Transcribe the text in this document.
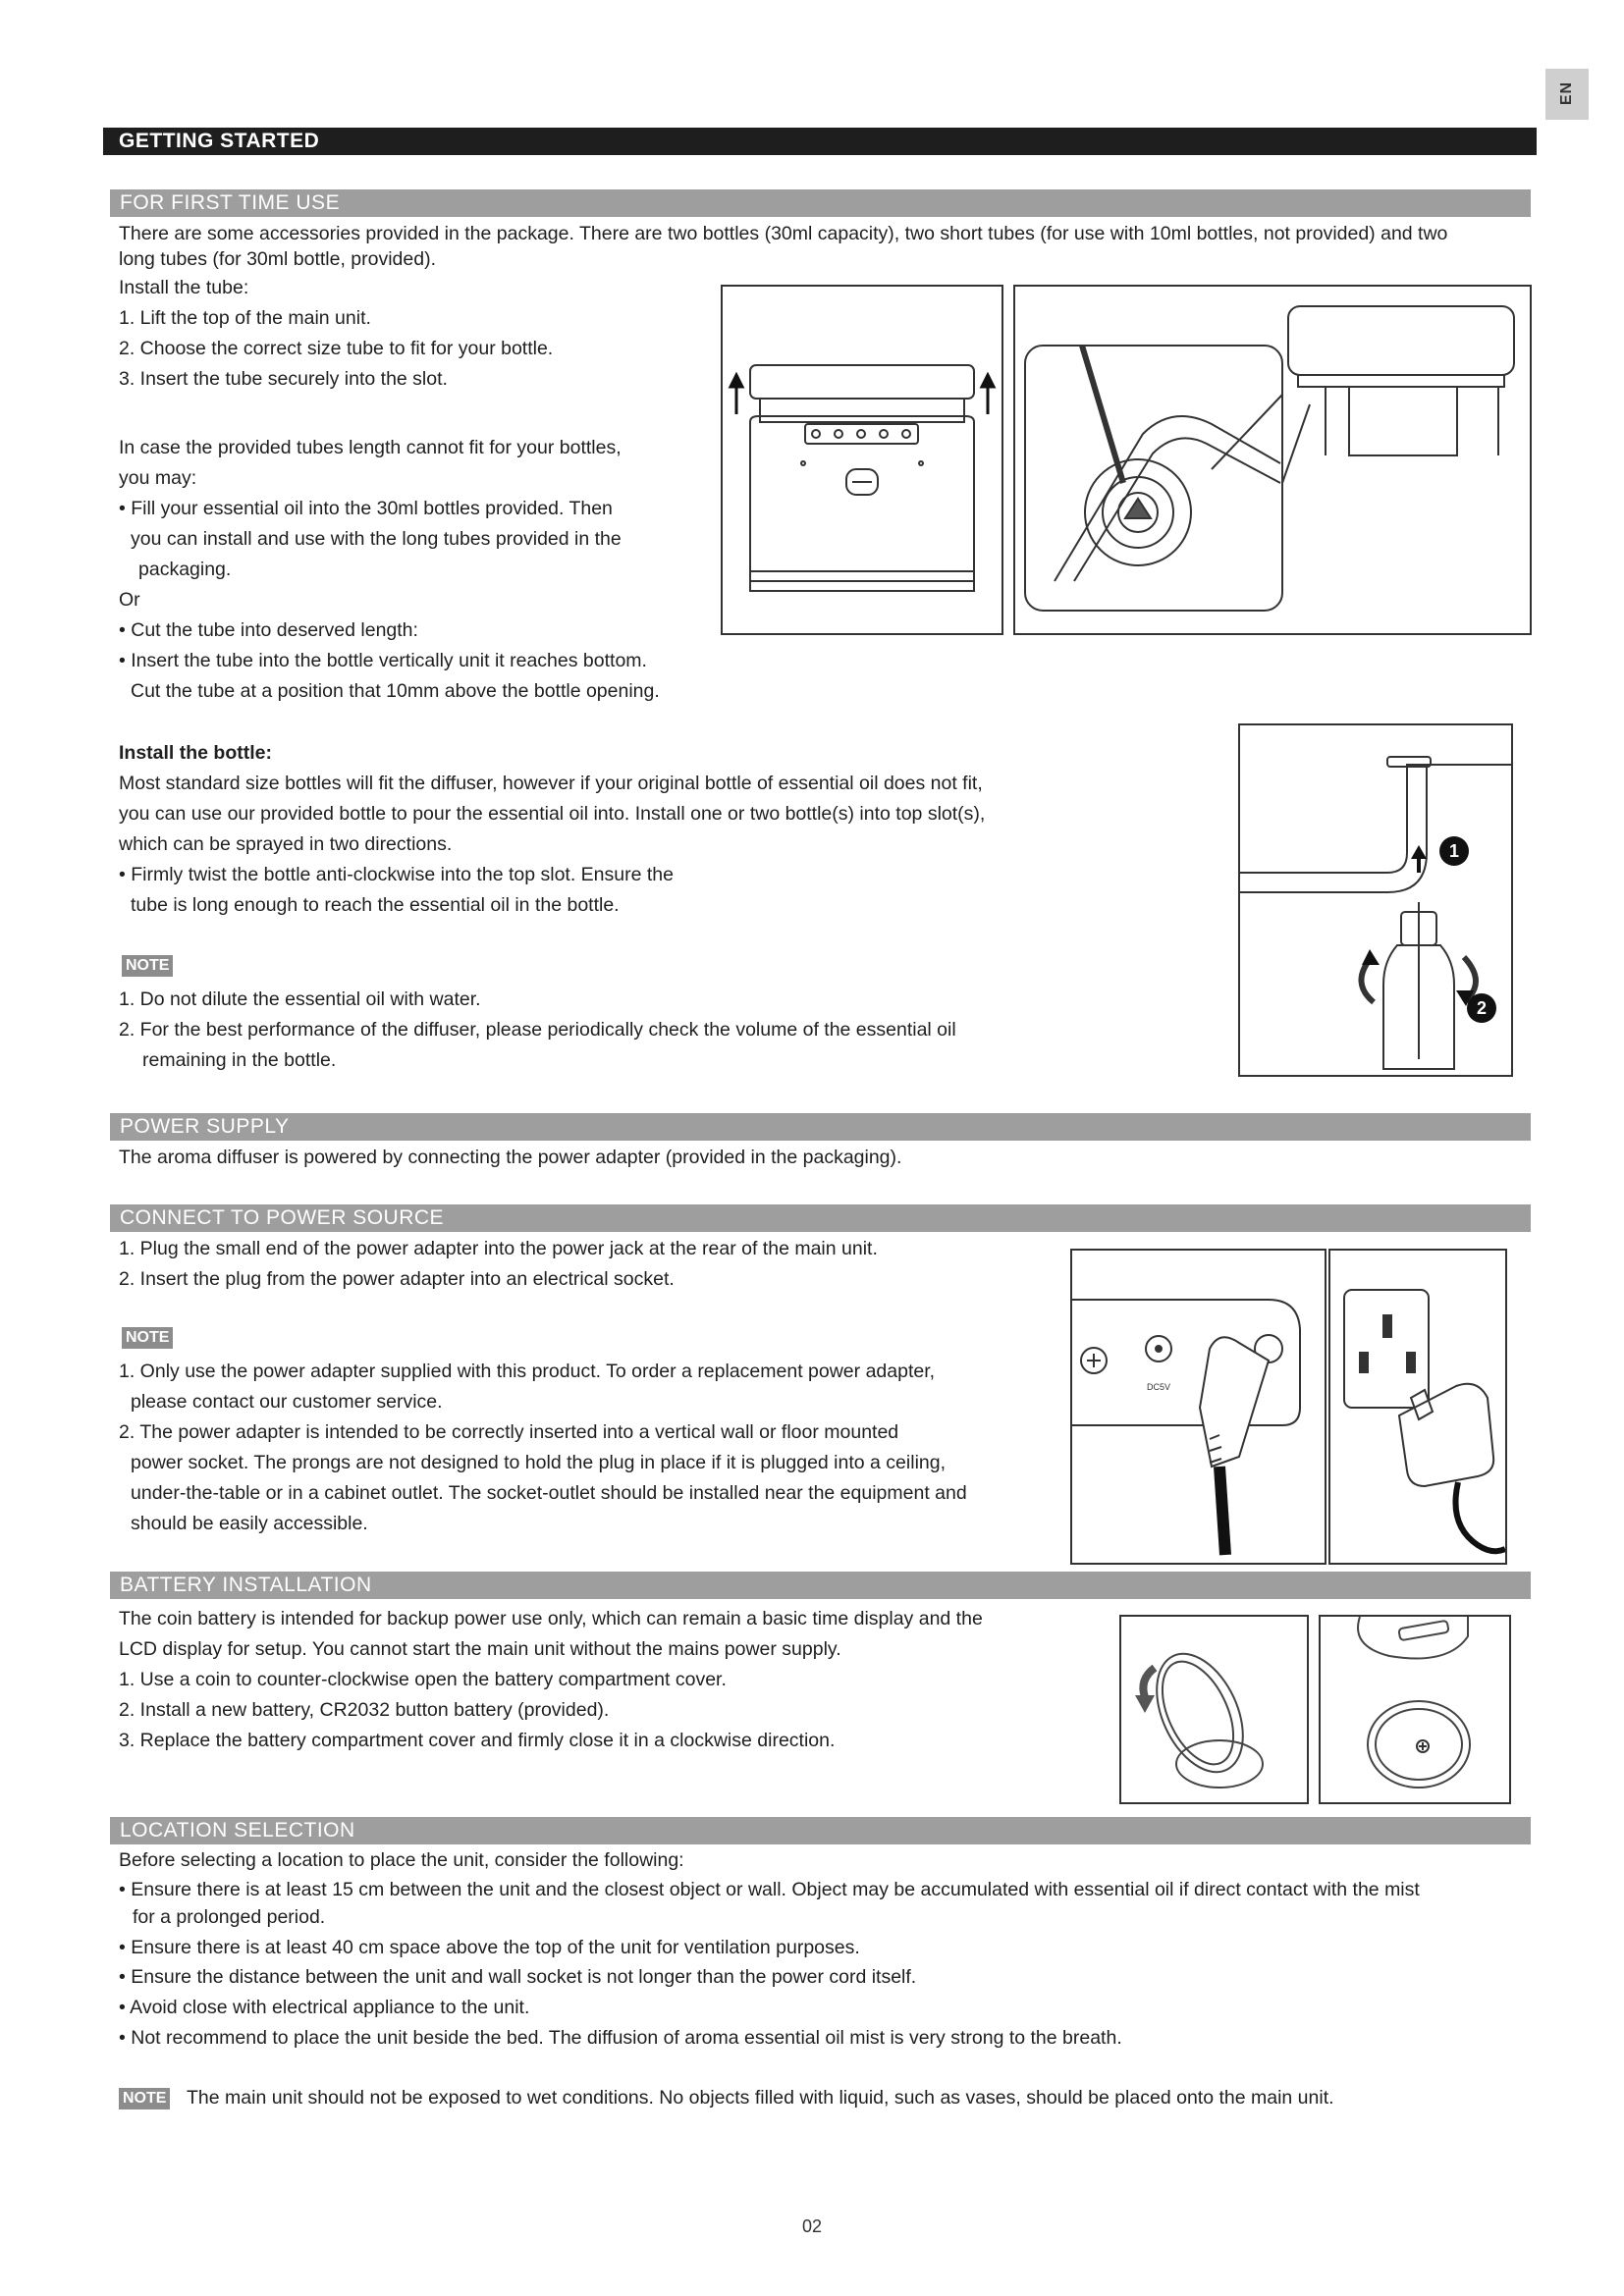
EN
GETTING STARTED
FOR FIRST TIME USE
There are some accessories provided in the package. There are two bottles (30ml capacity), two short tubes (for use with 10ml bottles, not provided) and two
long tubes (for 30ml bottle, provided).
Install the tube:
1. Lift the top of the main unit.
2. Choose the correct size tube to fit for your bottle.
3. Insert the tube securely into the slot.
In case the provided tubes length cannot fit for your bottles,
you may:
• Fill your essential oil into the 30ml bottles provided. Then
you can install and use with the long tubes provided in the
packaging.
Or
• Cut the tube into deserved length:
• Insert the tube into the bottle vertically unit it reaches bottom.
Cut the tube at a position that 10mm above the bottle opening.
Install the bottle:
Most standard size bottles will fit the diffuser, however if your original bottle of essential oil does not fit,
you can use our provided bottle to pour the essential oil into. Install one or two bottle(s) into top slot(s),
which can be sprayed in two directions.
• Firmly twist the bottle anti-clockwise into the top slot. Ensure the
tube is long enough to reach the essential oil in the bottle.
NOTE
1. Do not dilute the essential oil with water.
2. For the best performance of the diffuser, please periodically check the volume of the essential oil
remaining in the bottle.
1
2
POWER SUPPLY
The aroma diffuser is powered by connecting the power adapter (provided in the packaging).
CONNECT TO POWER SOURCE
1. Plug the small end of the power adapter into the power jack at the rear of the main unit.
2. Insert the plug from the power adapter into an electrical socket.
NOTE
1. Only use the power adapter supplied with this product. To order a replacement power adapter,
please contact our customer service.
2. The power adapter is intended to be correctly inserted into a vertical wall or floor mounted
power socket. The prongs are not designed to hold the plug in place if it is plugged into a ceiling,
under-the-table or in a cabinet outlet. The socket-outlet should be installed near the equipment and
should be easily accessible.
DC5V
BATTERY INSTALLATION
The coin battery is intended for backup power use only, which can remain a basic time display and the
LCD display for setup. You cannot start the main unit without the mains power supply.
1. Use a coin to counter-clockwise open the battery compartment cover.
2. Install a new battery, CR2032 button battery (provided).
3. Replace the battery compartment cover and firmly close it in a clockwise direction.
LOCATION SELECTION
Before selecting a location to place the unit, consider the following:
• Ensure there is at least 15 cm between the unit and the closest object or wall. Object may be accumulated with essential oil if direct contact with the mist
for a prolonged period.
• Ensure there is at least 40 cm space above the top of the unit for ventilation purposes.
• Ensure the distance between the unit and wall socket is not longer than the power cord itself.
• Avoid close with electrical appliance to the unit.
• Not recommend to place the unit beside the bed. The diffusion of aroma essential oil mist is very strong to the breath.
NOTE The main unit should not be exposed to wet conditions. No objects filled with liquid, such as vases, should be placed onto the main unit.
02
